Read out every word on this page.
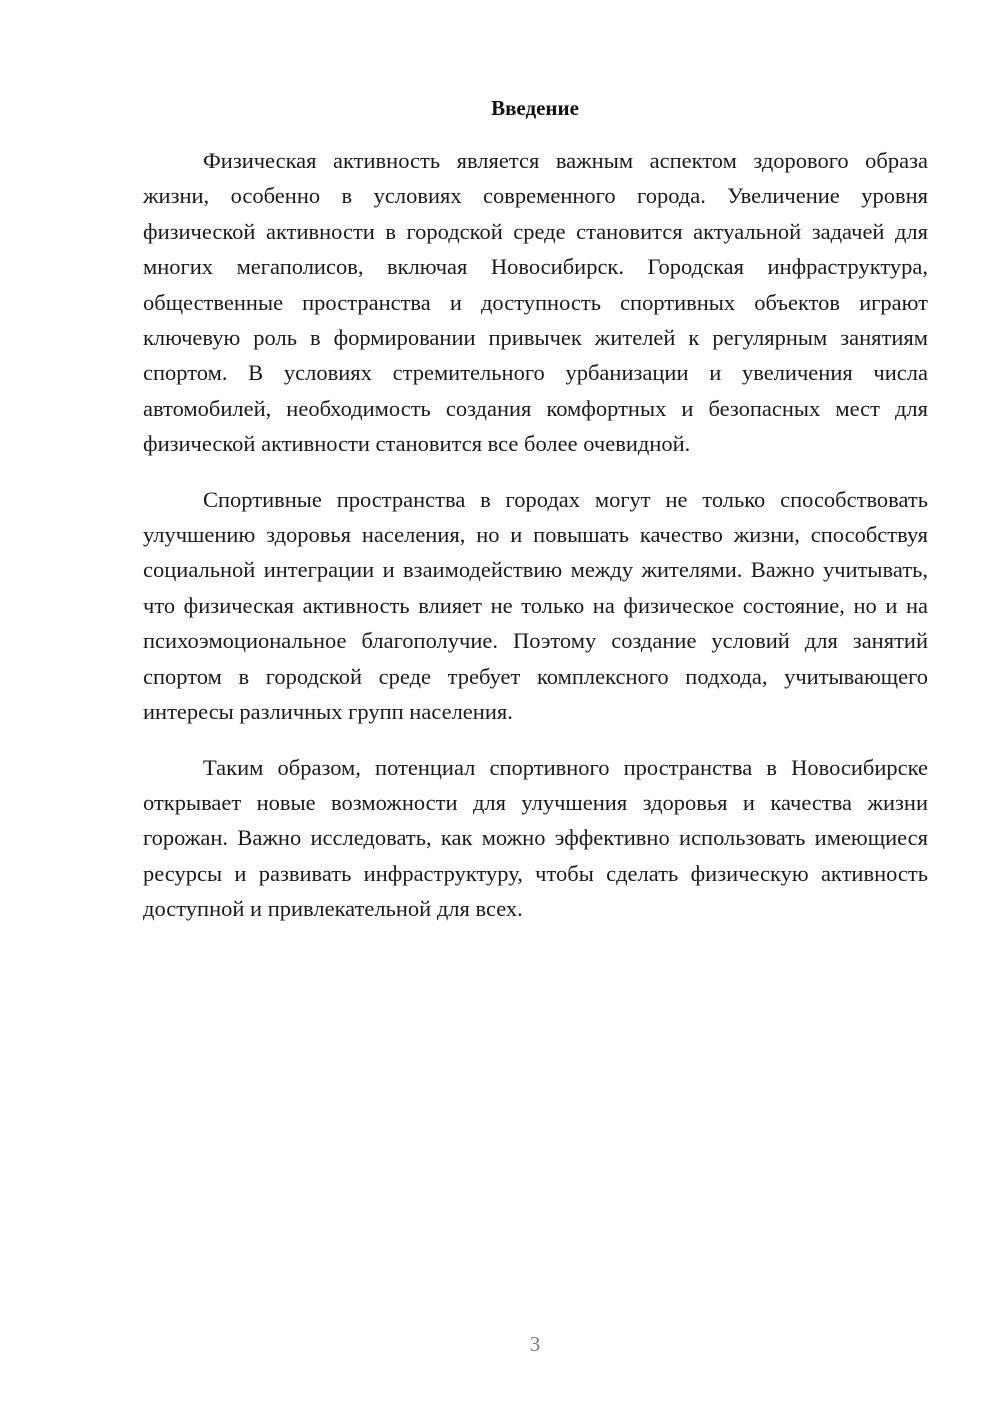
Введение

Физическая активность является важным аспектом здорового образа жизни, особенно в условиях современного города. Увеличение уровня физической активности в городской среде становится актуальной задачей для многих мегаполисов, включая Новосибирск. Городская инфраструктура, общественные пространства и доступность спортивных объектов играют ключевую роль в формировании привычек жителей к регулярным занятиям спортом. В условиях стремительного урбанизации и увеличения числа автомобилей, необходимость создания комфортных и безопасных мест для физической активности становится все более очевидной.

Спортивные пространства в городах могут не только способствовать улучшению здоровья населения, но и повышать качество жизни, способствуя социальной интеграции и взаимодействию между жителями. Важно учитывать, что физическая активность влияет не только на физическое состояние, но и на психоэмоциональное благополучие. Поэтому создание условий для занятий спортом в городской среде требует комплексного подхода, учитывающего интересы различных групп населения.

Таким образом, потенциал спортивного пространства в Новосибирске открывает новые возможности для улучшения здоровья и качества жизни горожан. Важно исследовать, как можно эффективно использовать имеющиеся ресурсы и развивать инфраструктуру, чтобы сделать физическую активность доступной и привлекательной для всех.

3
